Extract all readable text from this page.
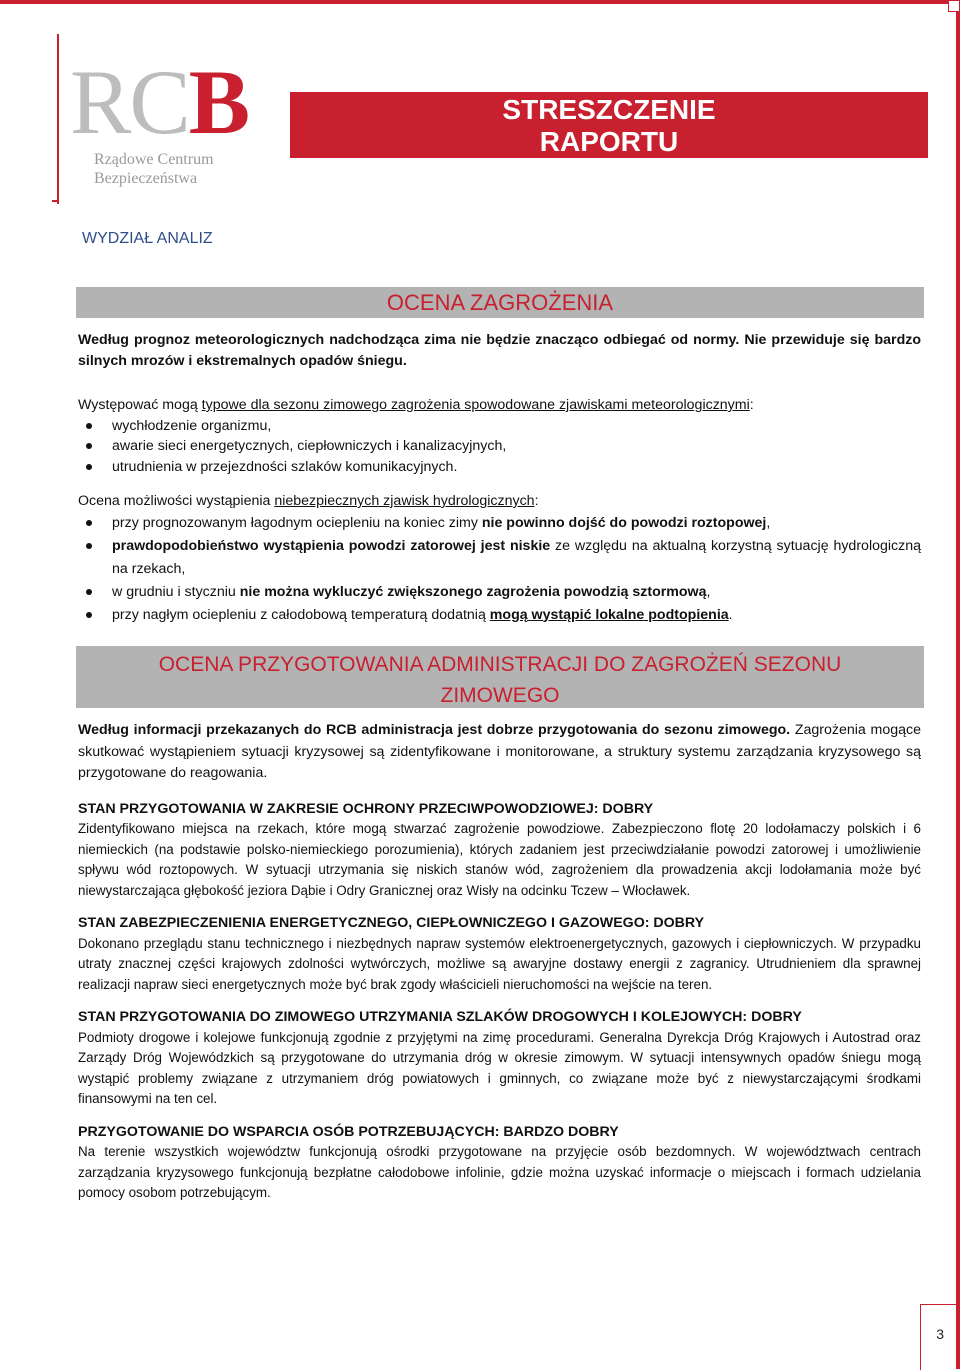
RCB
Rządowe Centrum
Bezpieczeństwa
STRESZCZENIE
RAPORTU
WYDZIAŁ ANALIZ
OCENA ZAGROŻENIA

Według prognoz meteorologicznych nadchodząca zima nie będzie znacząco odbiegać od normy. Nie przewiduje się bardzo silnych mrozów i ekstremalnych opadów śniegu.

Występować mogą typowe dla sezonu zimowego zagrożenia spowodowane zjawiskami meteorologicznymi:

wychłodzenie organizmu,
awarie sieci energetycznych, ciepłowniczych i kanalizacyjnych,
utrudnienia w przejezdności szlaków komunikacyjnych.

Ocena możliwości wystąpienia niebezpiecznych zjawisk hydrologicznych:

przy prognozowanym łagodnym ociepleniu na koniec zimy nie powinno dojść do powodzi roztopowej,
prawdopodobieństwo wystąpienia powodzi zatorowej jest niskie ze względu na aktualną korzystną sytuację hydrologiczną na rzekach,
w grudniu i styczniu nie można wykluczyć zwiększonego zagrożenia powodzią sztormową,
przy nagłym ociepleniu z całodobową temperaturą dodatnią mogą wystąpić lokalne podtopienia.
OCENA PRZYGOTOWANIA ADMINISTRACJI DO ZAGROŻEŃ SEZONU
ZIMOWEGO

Według informacji przekazanych do RCB administracja jest dobrze przygotowania do sezonu zimowego. Zagrożenia mogące skutkować wystąpieniem sytuacji kryzysowej są zidentyfikowane i monitorowane, a struktury systemu zarządzania kryzysowego są przygotowane do reagowania.

STAN PRZYGOTOWANIA W ZAKRESIE OCHRONY PRZECIWPOWODZIOWEJ: DOBRY

Zidentyfikowano miejsca na rzekach, które mogą stwarzać zagrożenie powodziowe. Zabezpieczono flotę 20 lodołamaczy polskich i 6 niemieckich (na podstawie polsko-niemieckiego porozumienia), których zadaniem jest przeciwdziałanie powodzi zatorowej i umożliwienie spływu wód roztopowych. W sytuacji utrzymania się niskich stanów wód, zagrożeniem dla prowadzenia akcji lodołamania może być niewystarczająca głębokość jeziora Dąbie i Odry Granicznej oraz Wisły na odcinku Tczew – Włocławek.

STAN ZABEZPIECZENIENIA ENERGETYCZNEGO, CIEPŁOWNICZEGO I GAZOWEGO: DOBRY

Dokonano przeglądu stanu technicznego i niezbędnych napraw systemów elektroenergetycznych, gazowych i ciepłowniczych. W przypadku utraty znacznej części krajowych zdolności wytwórczych, możliwe są awaryjne dostawy energii z zagranicy. Utrudnieniem dla sprawnej realizacji napraw sieci energetycznych może być brak zgody właścicieli nieruchomości na wejście na teren.

STAN PRZYGOTOWANIA DO ZIMOWEGO UTRZYMANIA SZLAKÓW DROGOWYCH I KOLEJOWYCH: DOBRY

Podmioty drogowe i kolejowe funkcjonują zgodnie z przyjętymi na zimę procedurami. Generalna Dyrekcja Dróg Krajowych i Autostrad oraz Zarządy Dróg Wojewódzkich są przygotowane do utrzymania dróg w okresie zimowym. W sytuacji intensywnych opadów śniegu mogą wystąpić problemy związane z utrzymaniem dróg powiatowych i gminnych, co związane może być z niewystarczającymi środkami finansowymi na ten cel.

PRZYGOTOWANIE DO WSPARCIA OSÓB POTRZEBUJĄCYCH: BARDZO DOBRY

Na terenie wszystkich województw funkcjonują ośrodki przygotowane na przyjęcie osób bezdomnych. W województwach centrach zarządzania kryzysowego funkcjonują bezpłatne całodobowe infolinie, gdzie można uzyskać informacje o miejscach i formach udzielania pomocy osobom potrzebującym.

3
